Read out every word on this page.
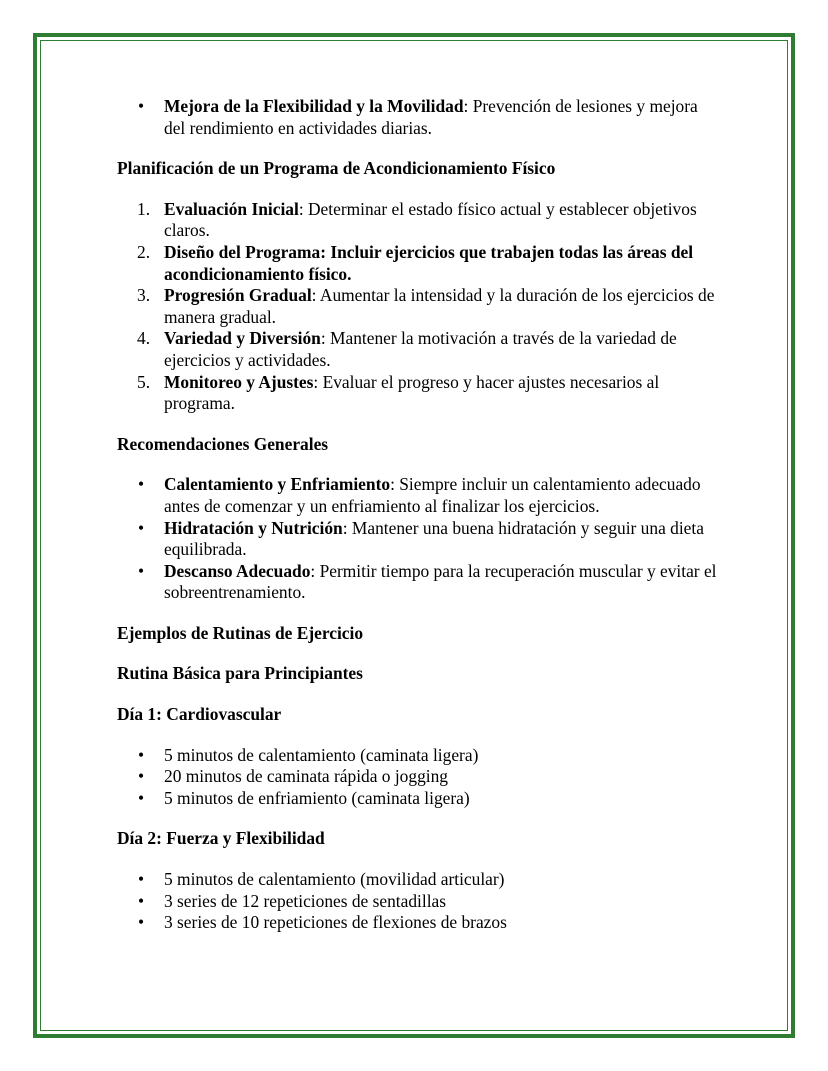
• Mejora de la Flexibilidad y la Movilidad: Prevención de lesiones y mejora del rendimiento en actividades diarias.

Planificación de un Programa de Acondicionamiento Físico

1. Evaluación Inicial: Determinar el estado físico actual y establecer objetivos claros.
2. Diseño del Programa: Incluir ejercicios que trabajen todas las áreas del acondicionamiento físico.
3. Progresión Gradual: Aumentar la intensidad y la duración de los ejercicios de manera gradual.
4. Variedad y Diversión: Mantener la motivación a través de la variedad de ejercicios y actividades.
5. Monitoreo y Ajustes: Evaluar el progreso y hacer ajustes necesarios al programa.

Recomendaciones Generales

• Calentamiento y Enfriamiento: Siempre incluir un calentamiento adecuado antes de comenzar y un enfriamiento al finalizar los ejercicios.
• Hidratación y Nutrición: Mantener una buena hidratación y seguir una dieta equilibrada.
• Descanso Adecuado: Permitir tiempo para la recuperación muscular y evitar el sobreentrenamiento.

Ejemplos de Rutinas de Ejercicio

Rutina Básica para Principiantes

Día 1: Cardiovascular

• 5 minutos de calentamiento (caminata ligera)
• 20 minutos de caminata rápida o jogging
• 5 minutos de enfriamiento (caminata ligera)

Día 2: Fuerza y Flexibilidad

• 5 minutos de calentamiento (movilidad articular)
• 3 series de 12 repeticiones de sentadillas
• 3 series de 10 repeticiones de flexiones de brazos
